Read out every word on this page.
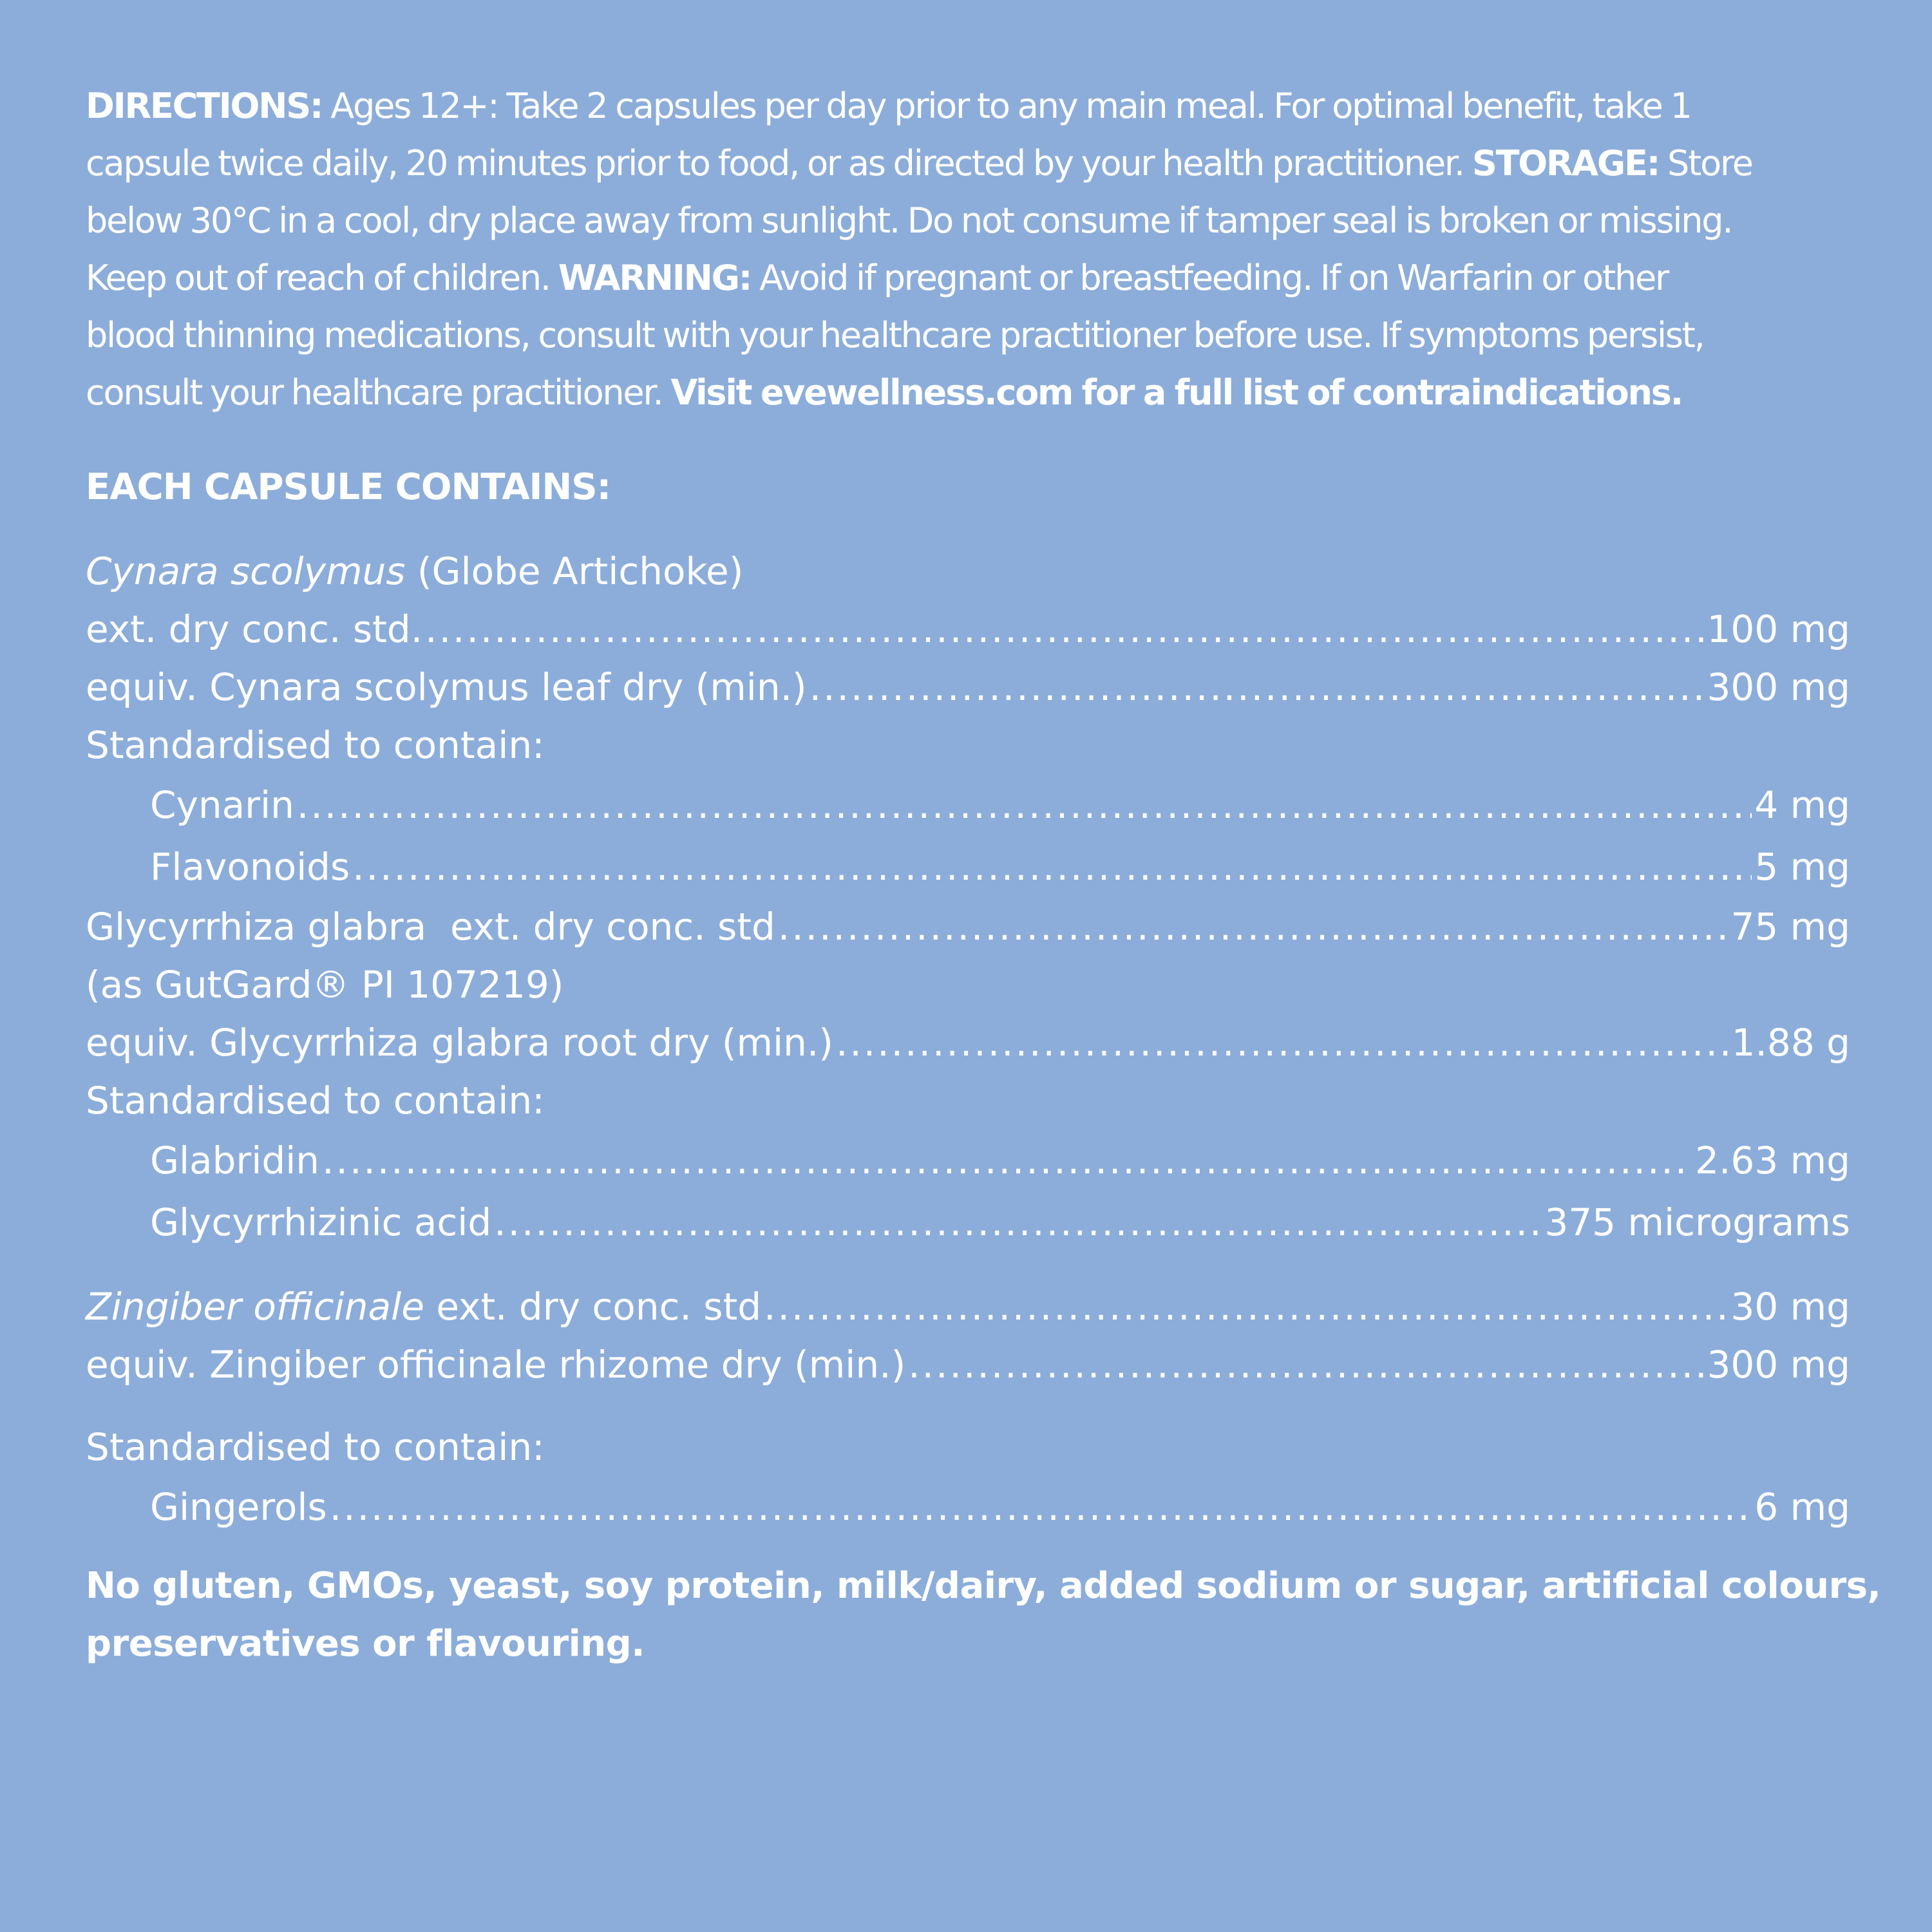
DIRECTIONS: Ages 12+: Take 2 capsules per day prior to any main meal. For optimal benefit, take 1
capsule twice daily, 20 minutes prior to food, or as directed by your health practitioner. STORAGE: Store
below 30°C in a cool, dry place away from sunlight. Do not consume if tamper seal is broken or missing.
Keep out of reach of children. WARNING: Avoid if pregnant or breastfeeding. If on Warfarin or other
blood thinning medications, consult with your healthcare practitioner before use. If symptoms persist,
consult your healthcare practitioner. Visit evewellness.com for a full list of contraindications.

EACH CAPSULE CONTAINS:
Cynara scolymus (Globe Artichoke)
ext. dry conc. std. .....	100 mg
equiv. Cynara scolymus leaf dry (min.) .....	300 mg
Standardised to contain:
Cynarin .....	4 mg
Flavonoids .....	5 mg
Glycyrrhiza glabra  ext. dry conc. std .....	75 mg
(as GutGard® PI 107219)
equiv. Glycyrrhiza glabra root dry (min.) .....	1.88 g
Standardised to contain:
Glabridin .....	2.63 mg
Glycyrrhizinic acid .....	375 micrograms
Zingiber officinale ext. dry conc. std .....	30 mg
equiv. Zingiber officinale rhizome dry (min.) .....	300 mg
Standardised to contain:
Gingerols .....	6 mg
No gluten, GMOs, yeast, soy protein, milk/dairy, added sodium or sugar, artificial colours,
preservatives or flavouring.
